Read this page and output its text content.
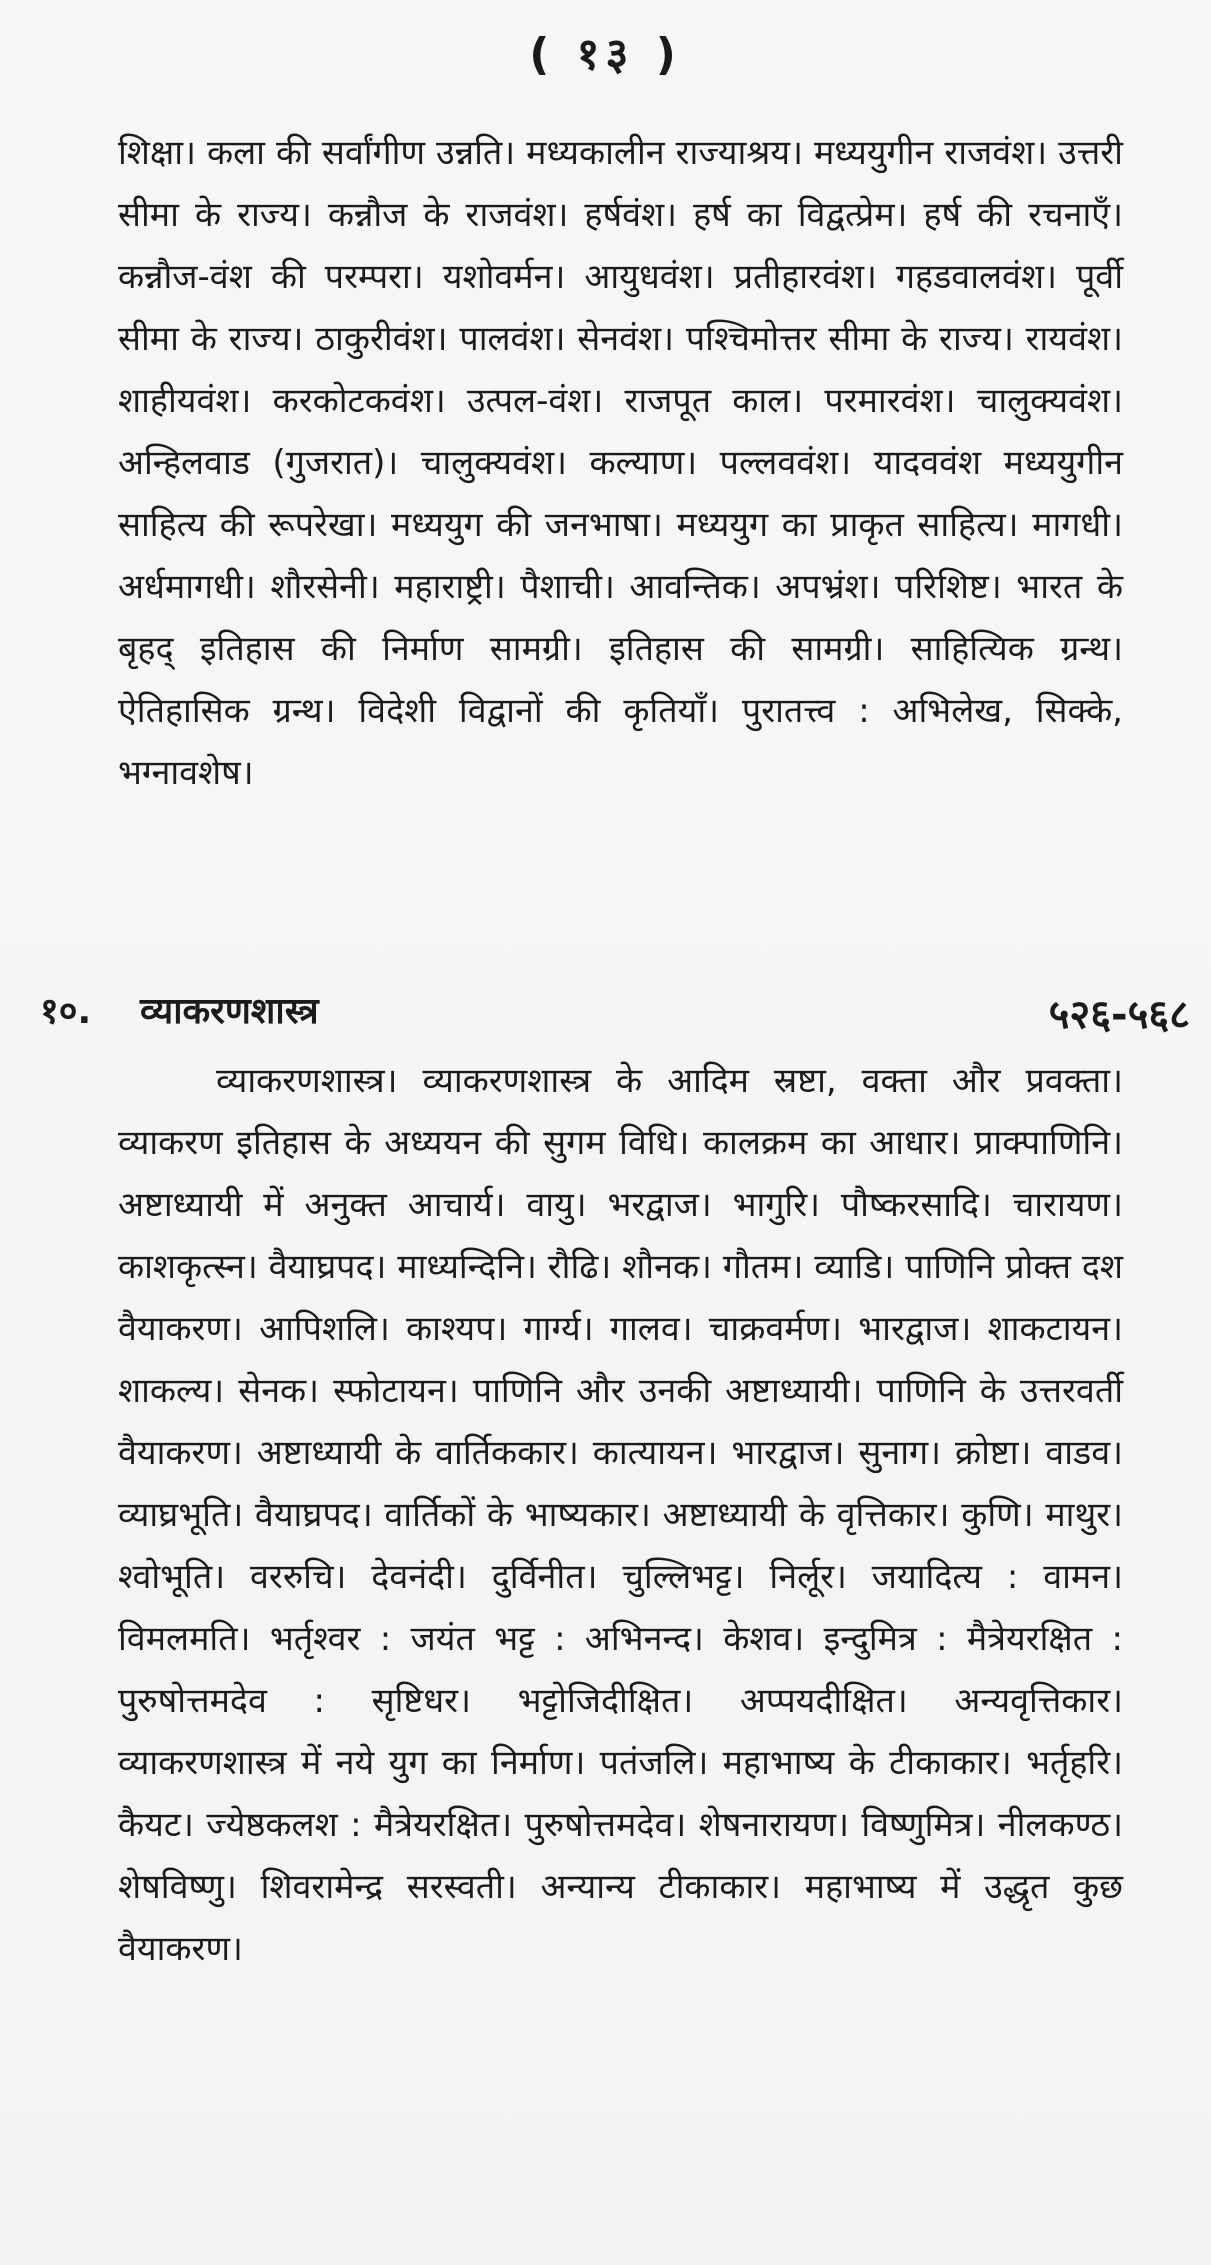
( १३ )
शिक्षा। कला की सर्वांगीण उन्नति। मध्यकालीन राज्याश्रय। मध्ययुगीन राजवंश। उत्तरी सीमा के राज्य। कन्नौज के राजवंश। हर्षवंश। हर्ष का विद्वत्प्रेम। हर्ष की रचनाएँ। कन्नौज-वंश की परम्परा। यशोवर्मन। आयुधवंश। प्रतीहारवंश। गहडवालवंश। पूर्वी सीमा के राज्य। ठाकुरीवंश। पालवंश। सेनवंश। पश्चिमोत्तर सीमा के राज्य। रायवंश। शाहीयवंश। करकोटकवंश। उत्पल-वंश। राजपूत काल। परमारवंश। चालुक्यवंश। अन्हिलवाड (गुजरात)। चालुक्यवंश। कल्याण। पल्लववंश। यादववंश मध्ययुगीन साहित्य की रूपरेखा। मध्ययुग की जनभाषा। मध्ययुग का प्राकृत साहित्य। मागधी। अर्धमागधी। शौरसेनी। महाराष्ट्री। पैशाची। आवन्तिक। अपभ्रंश। परिशिष्ट। भारत के बृहद् इतिहास की निर्माण सामग्री। इतिहास की सामग्री। साहित्यिक ग्रन्थ। ऐतिहासिक ग्रन्थ। विदेशी विद्वानों की कृतियाँ। पुरातत्त्व : अभिलेख, सिक्के, भग्नावशेष।
१०. व्याकरणशास्त्र	५२६-५६८
व्याकरणशास्त्र। व्याकरणशास्त्र के आदिम स्रष्टा, वक्ता और प्रवक्ता। व्याकरण इतिहास के अध्ययन की सुगम विधि। कालक्रम का आधार। प्राक्पाणिनि। अष्टाध्यायी में अनुक्त आचार्य। वायु। भरद्वाज। भागुरि। पौष्करसादि। चारायण। काशकृत्स्न। वैयाघ्रपद। माध्यन्दिनि। रौढि। शौनक। गौतम। व्याडि। पाणिनि प्रोक्त दश वैयाकरण। आपिशलि। काश्यप। गार्ग्य। गालव। चाक्रवर्मण। भारद्वाज। शाकटायन। शाकल्य। सेनक। स्फोटायन। पाणिनि और उनकी अष्टाध्यायी। पाणिनि के उत्तरवर्ती वैयाकरण। अष्टाध्यायी के वार्तिककार। कात्यायन। भारद्वाज। सुनाग। क्रोष्टा। वाडव। व्याघ्रभूति। वैयाघ्रपद। वार्तिकों के भाष्यकार। अष्टाध्यायी के वृत्तिकार। कुणि। माथुर। श्वोभूति। वररुचि। देवनंदी। दुर्विनीत। चुल्लिभट्ट। निर्लूर। जयादित्य : वामन। विमलमति। भर्तृश्वर : जयंत भट्ट : अभिनन्द। केशव। इन्दुमित्र : मैत्रेयरक्षित : पुरुषोत्तमदेव : सृष्टिधर। भट्टोजिदीक्षित। अप्पयदीक्षित। अन्यवृत्तिकार। व्याकरणशास्त्र में नये युग का निर्माण। पतंजलि। महाभाष्य के टीकाकार। भर्तृहरि। कैयट। ज्येष्ठकलश : मैत्रेयरक्षित। पुरुषोत्तमदेव। शेषनारायण। विष्णुमित्र। नीलकण्ठ। शेषविष्णु। शिवरामेन्द्र सरस्वती। अन्यान्य टीकाकार। महाभाष्य में उद्धृत कुछ वैयाकरण।
